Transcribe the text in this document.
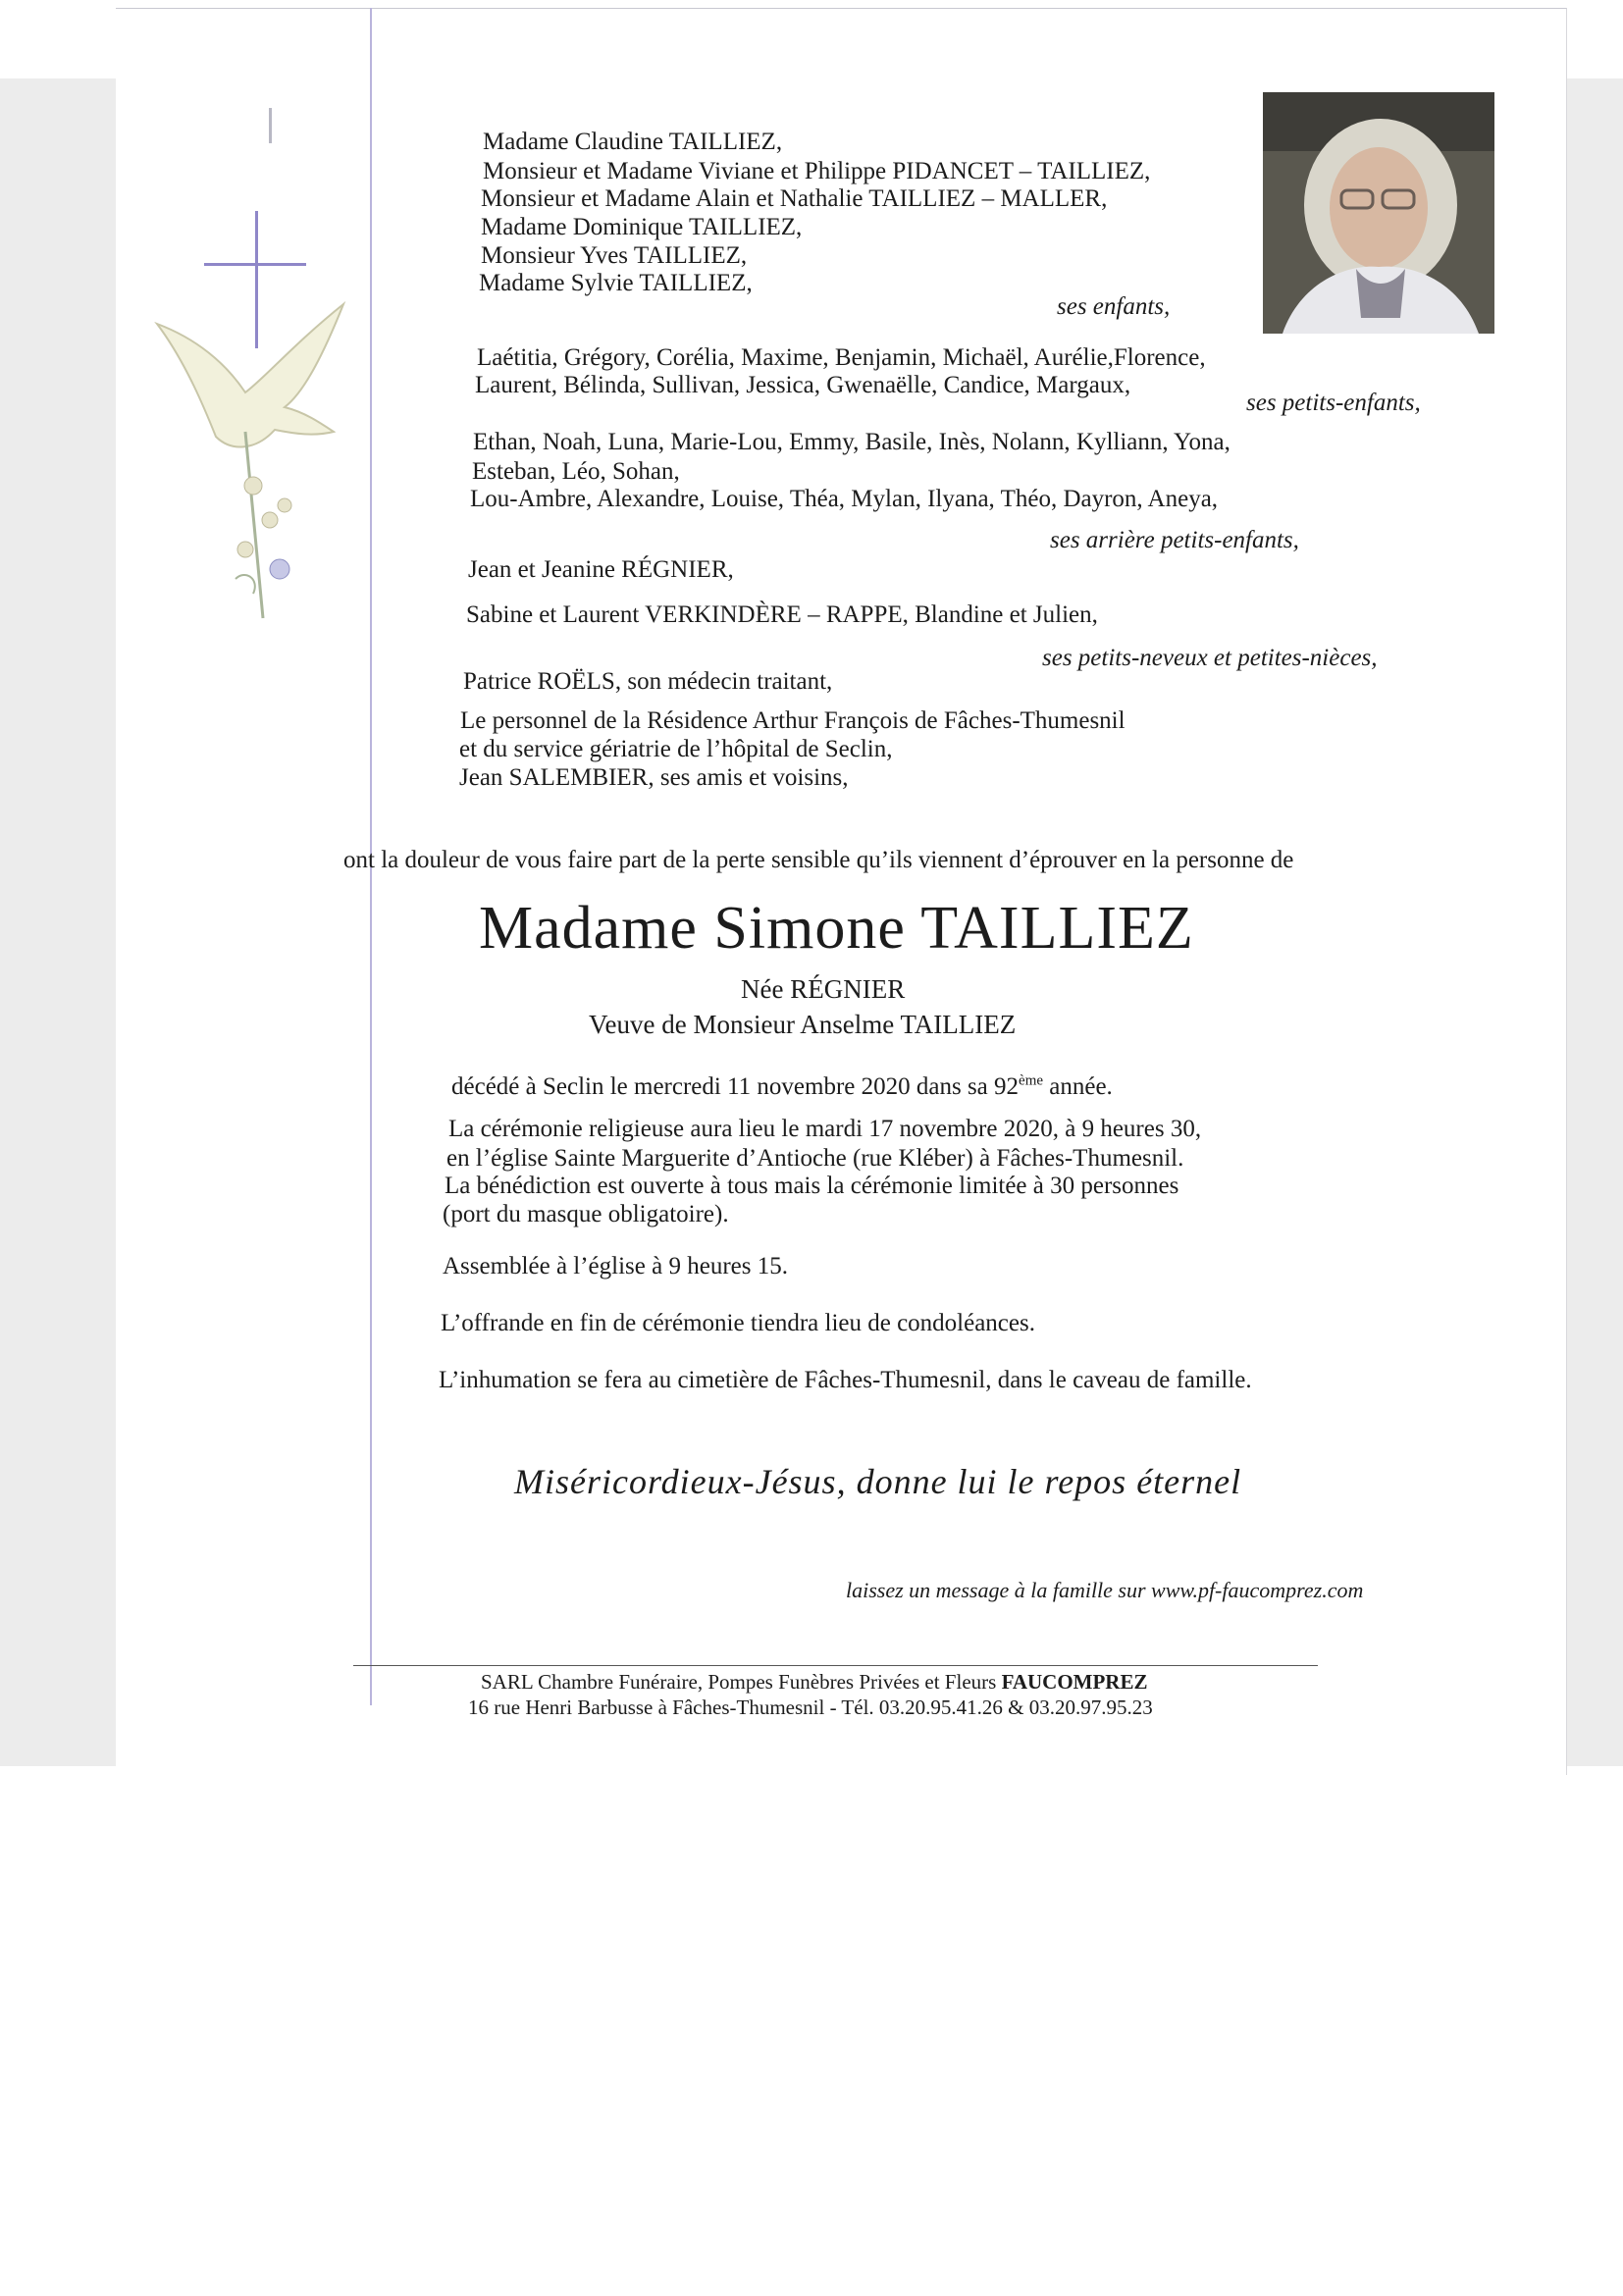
Madame Claudine TAILLIEZ,

Monsieur et Madame Viviane et Philippe PIDANCET – TAILLIEZ,

Monsieur et Madame Alain et Nathalie TAILLIEZ – MALLER,

Madame Dominique TAILLIEZ,

Monsieur Yves TAILLIEZ,

Madame Sylvie TAILLIEZ,

ses enfants,

Laétitia, Grégory, Corélia, Maxime, Benjamin, Michaël, Aurélie,Florence,

Laurent, Bélinda, Sullivan, Jessica, Gwenaëlle, Candice, Margaux,

ses petits-enfants,

Ethan, Noah, Luna, Marie-Lou, Emmy, Basile, Inès, Nolann, Kylliann, Yona,

Esteban, Léo, Sohan,

Lou-Ambre, Alexandre, Louise, Théa, Mylan, Ilyana, Théo, Dayron, Aneya,

ses arrière petits-enfants,

Jean et Jeanine RÉGNIER,

Sabine et Laurent VERKINDÈRE – RAPPE, Blandine et Julien,

ses petits-neveux et petites-nièces,

Patrice ROËLS, son médecin traitant,

Le personnel de la Résidence Arthur François de Fâches-Thumesnil

et du service gériatrie de l’hôpital de Seclin,

Jean SALEMBIER, ses amis et voisins,

ont la douleur de vous faire part de la perte sensible qu’ils viennent d’éprouver en la personne de

Madame Simone TAILLIEZ
Née RÉGNIER
Veuve de Monsieur Anselme TAILLIEZ

décédé à Seclin le mercredi 11 novembre 2020 dans sa 92ème année.

La cérémonie religieuse aura lieu le mardi 17 novembre 2020, à 9 heures 30,

en l’église Sainte Marguerite d’Antioche (rue Kléber) à Fâches-Thumesnil.

La bénédiction est ouverte à tous mais la cérémonie limitée à 30 personnes

(port du masque obligatoire).

Assemblée à l’église à 9 heures 15.

L’offrande en fin de cérémonie tiendra lieu de condoléances.

L’inhumation se fera au cimetière de Fâches-Thumesnil, dans le caveau de famille.

Miséricordieux-Jésus, donne lui le repos éternel
laissez un message à la famille sur www.pf-faucomprez.com
SARL Chambre Funéraire, Pompes Funèbres Privées et Fleurs FAUCOMPREZ
16 rue Henri Barbusse à Fâches-Thumesnil - Tél. 03.20.95.41.26 & 03.20.97.95.23
